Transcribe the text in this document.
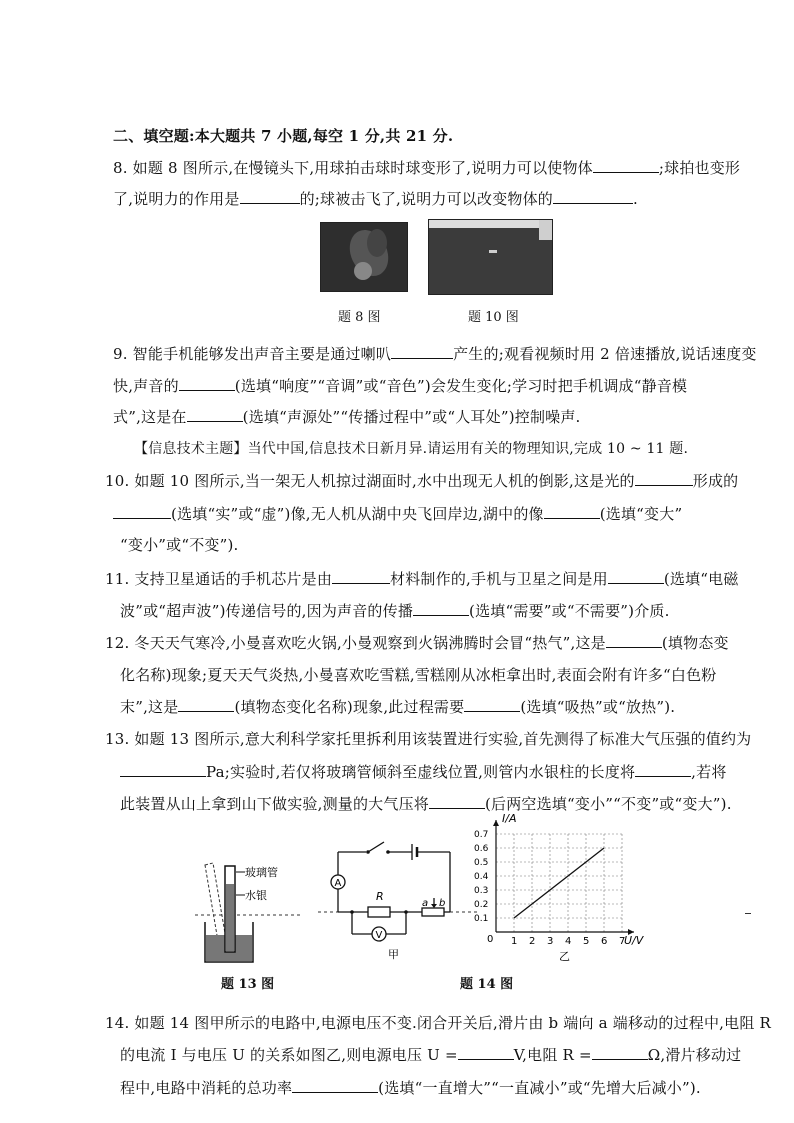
二、填空题:本大题共 7 小题,每空 1 分,共 21 分.
8. 如题 8 图所示,在慢镜头下,用球拍击球时球变形了,说明力可以使物体	;球拍也变形
了,说明力的作用是	的;球被击飞了,说明力可以改变物体的	.
题 8 图	题 10 图
9. 智能手机能够发出声音主要是通过喇叭	产生的;观看视频时用 2 倍速播放,说话速度变
快,声音的	(选填“响度”“音调”或“音色”)会发生变化;学习时把手机调成“静音模
式”,这是在	(选填“声源处”“传播过程中”或“人耳处”)控制噪声.
【信息技术主题】当代中国,信息技术日新月异.请运用有关的物理知识,完成 10 ~ 11 题.
10. 如题 10 图所示,当一架无人机掠过湖面时,水中出现无人机的倒影,这是光的	形成的
(选填“实”或“虚”)像,无人机从湖中央飞回岸边,湖中的像	(选填“变大”
“变小”或“不变”).
11. 支持卫星通话的手机芯片是由	材料制作的,手机与卫星之间是用	(选填“电磁
波”或“超声波”)传递信号的,因为声音的传播	(选填“需要”或“不需要”)介质.
12. 冬天天气寒冷,小曼喜欢吃火锅,小曼观察到火锅沸腾时会冒“热气”,这是	(填物态变
化名称)现象;夏天天气炎热,小曼喜欢吃雪糕,雪糕刚从冰柜拿出时,表面会附有许多“白色粉
末”,这是	(填物态变化名称)现象,此过程需要	(选填“吸热”或“放热”).
13. 如题 13 图所示,意大利科学家托里拆利用该装置进行实验,首先测得了标准大气压强的值约为
Pa;实验时,若仅将玻璃管倾斜至虚线位置,则管内水银柱的长度将	,若将
此装置从山上拿到山下做实验,测量的大气压将	(后两空选填“变小”“不变”或“变大”).
玻璃管
水银
题 13 图
A
R
a b
V
甲
1 2 3 4 5 6 7
0.1
0.2
0.3
0.4
0.5
0.6
0.7
I/A
U/V
0
乙
题 14 图
14. 如题 14 图甲所示的电路中,电源电压不变.闭合开关后,滑片由 b 端向 a 端移动的过程中,电阻 R
的电流 I 与电压 U 的关系如图乙,则电源电压 U =	V,电阻 R =	Ω,滑片移动过
程中,电路中消耗的总功率	(选填“一直增大”“一直减小”或“先增大后减小”).
